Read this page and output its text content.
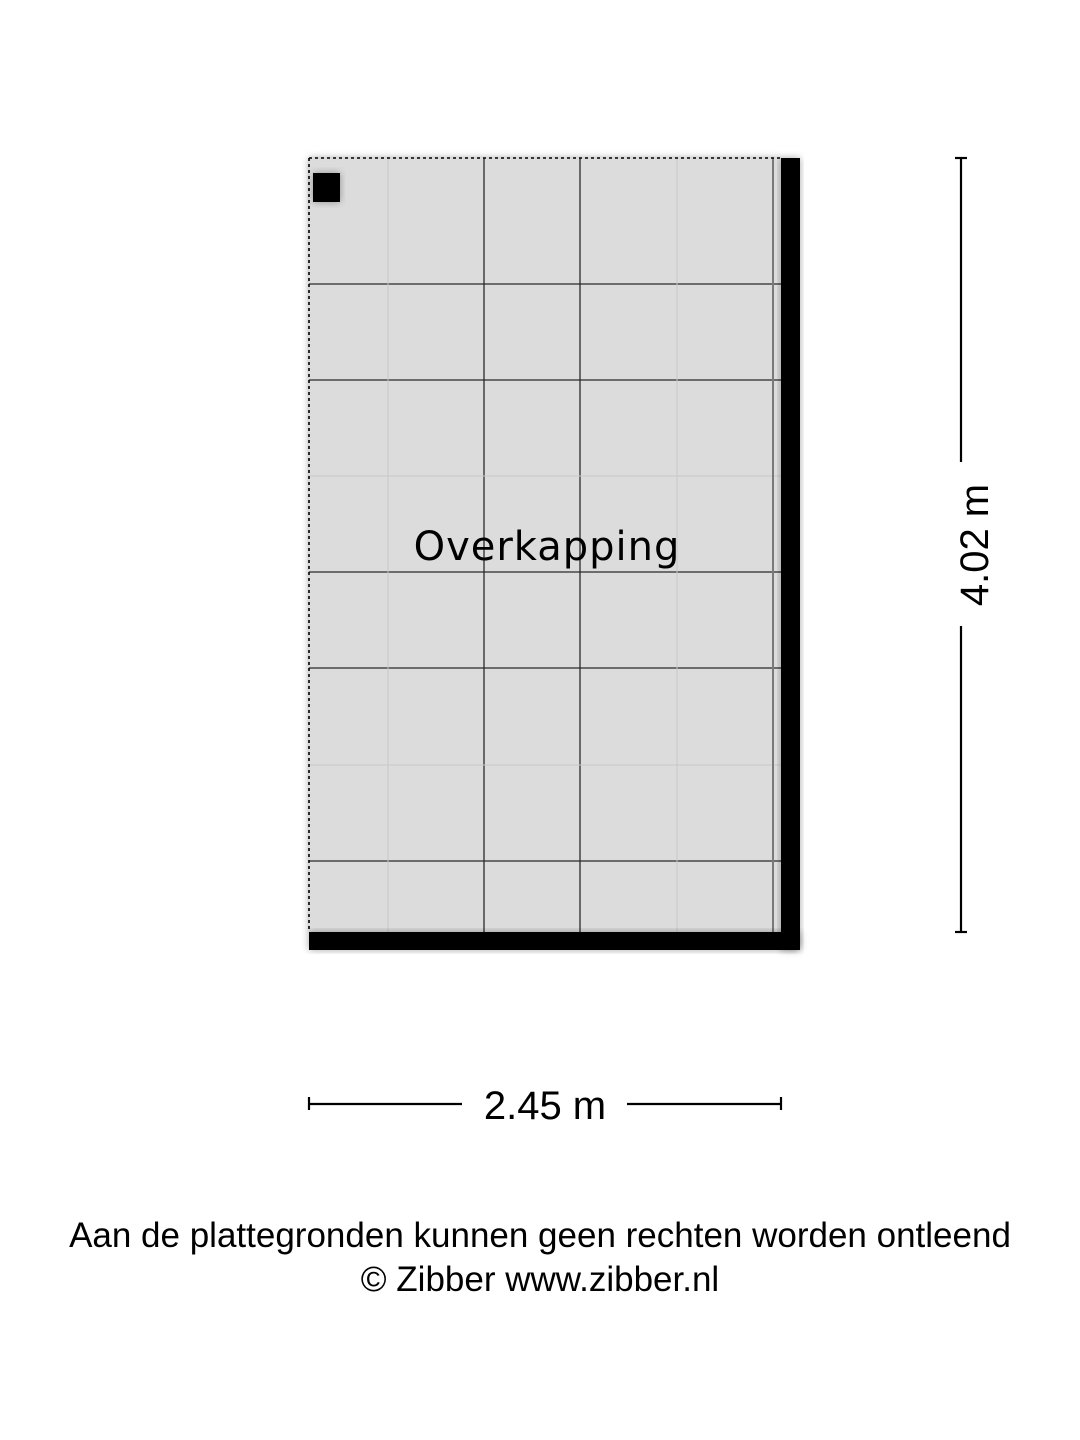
Overkapping	4.02 m
2.45 m
Aan de plattegronden kunnen geen rechten worden ontleend
© Zibber www.zibber.nl
